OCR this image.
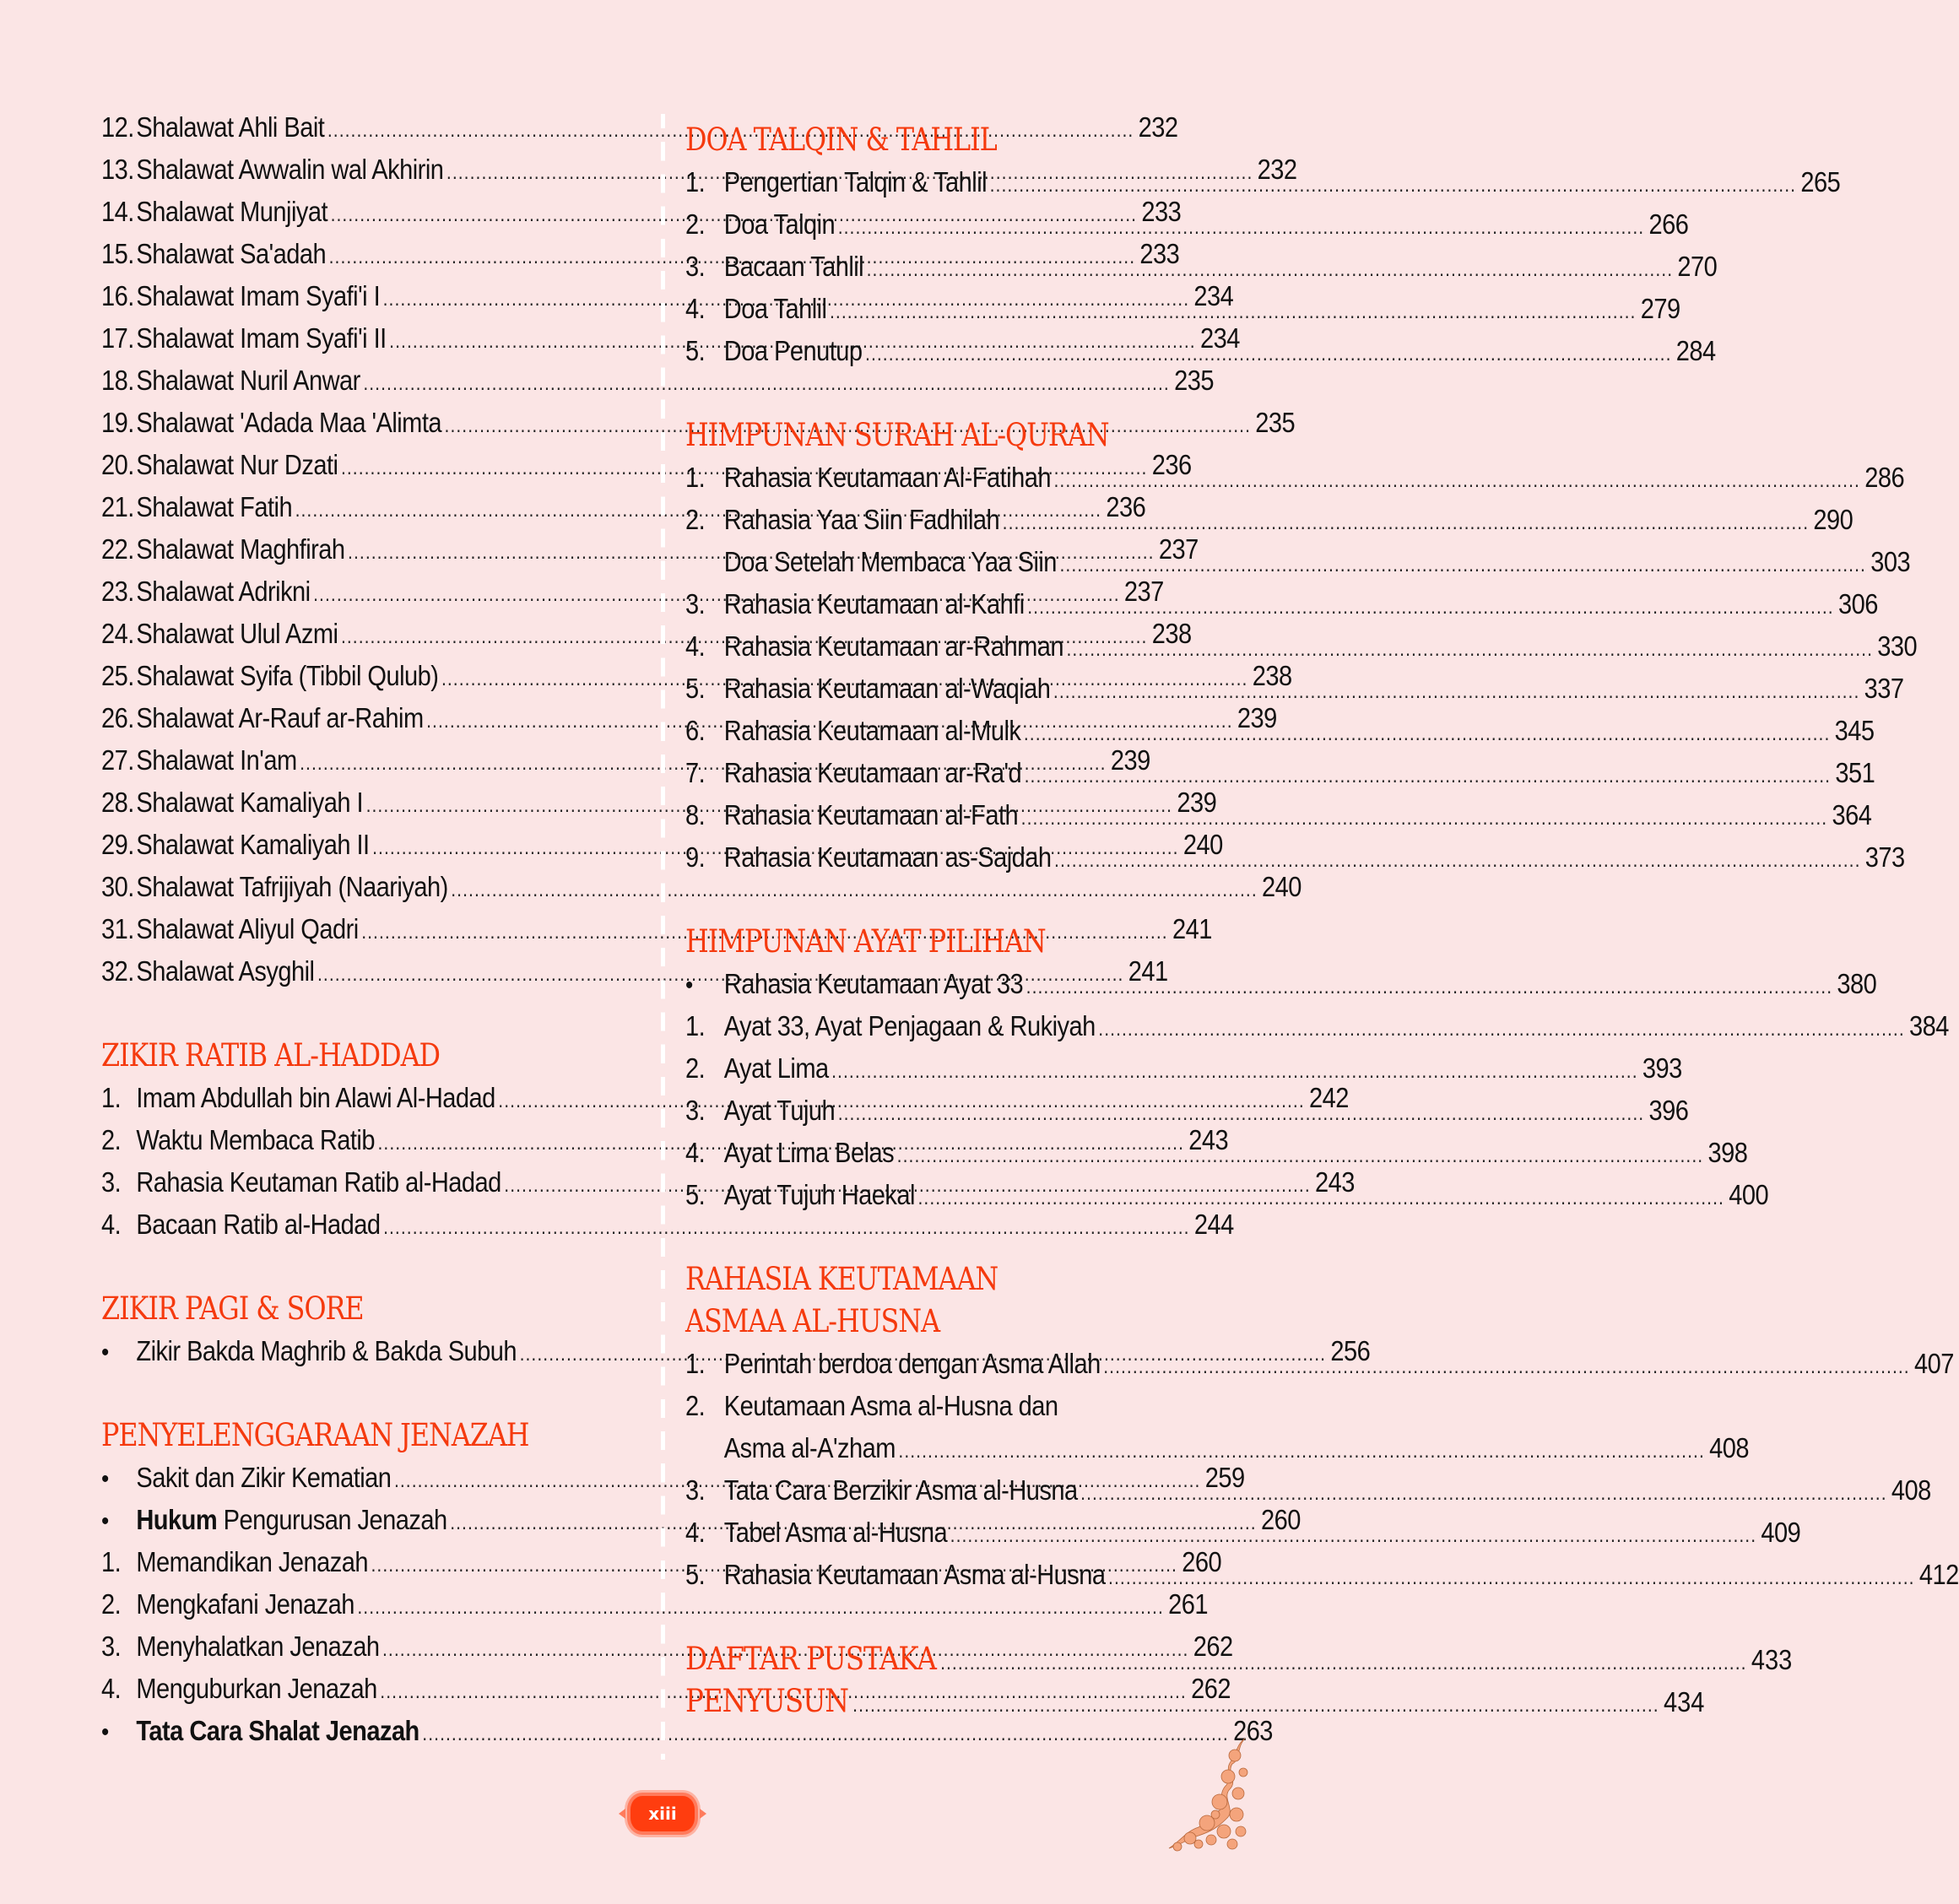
12. Shalawat Ahli Bait .....	232
13. Shalawat Awwalin wal Akhirin .....	232
14. Shalawat Munjiyat .....	233
15. Shalawat Sa'adah .....	233
16. Shalawat Imam Syafi'i I .....	234
17. Shalawat Imam Syafi'i II .....	234
18. Shalawat Nuril Anwar .....	235
19. Shalawat 'Adada Maa 'Alimta .....	235
20. Shalawat Nur Dzati .....	236
21. Shalawat Fatih .....	236
22. Shalawat Maghfirah .....	237
23. Shalawat Adrikni .....	237
24. Shalawat Ulul Azmi .....	238
25. Shalawat Syifa (Tibbil Qulub) .....	238
26. Shalawat Ar-Rauf ar-Rahim .....	239
27. Shalawat In'am .....	239
28. Shalawat Kamaliyah I .....	239
29. Shalawat Kamaliyah II .....	240
30. Shalawat Tafrijiyah (Naariyah) .....	240
31. Shalawat Aliyul Qadri .....	241
32. Shalawat Asyghil .....	241
ZIKIR RATIB AL-HADDAD
1. Imam Abdullah bin Alawi Al-Hadad .....	242
2. Waktu Membaca Ratib .....	243
3. Rahasia Keutaman Ratib al-Hadad .....	243
4. Bacaan Ratib al-Hadad .....	244
ZIKIR PAGI & SORE
• Zikir Bakda Maghrib & Bakda Subuh .....	256
PENYELENGGARAAN JENAZAH
• Sakit dan Zikir Kematian .....	259
• Hukum Pengurusan Jenazah .....	260
1. Memandikan Jenazah .....	260
2. Mengkafani Jenazah .....	261
3. Menyhalatkan Jenazah .....	262
4. Menguburkan Jenazah .....	262
• Tata Cara Shalat Jenazah .....	263
DOA TALQIN & TAHLIL
1. Pengertian Talqin & Tahlil .....	265
2. Doa Talqin .....	266
3. Bacaan Tahlil .....	270
4. Doa Tahlil .....	279
5. Doa Penutup .....	284
HIMPUNAN SURAH AL-QURAN
1. Rahasia Keutamaan Al-Fatihah .....	286
2. Rahasia Yaa Siin Fadhilah .....	290
Doa Setelah Membaca Yaa Siin .....	303
3. Rahasia Keutamaan al-Kahfi .....	306
4. Rahasia Keutamaan ar-Rahman .....	330
5. Rahasia Keutamaan al-Waqiah .....	337
6. Rahasia Keutamaan al-Mulk .....	345
7. Rahasia Keutamaan ar-Ra'd .....	351
8. Rahasia Keutamaan al-Fath .....	364
9. Rahasia Keutamaan as-Sajdah .....	373
HIMPUNAN AYAT PILIHAN
•	Rahasia Keutamaan Ayat 33 .....	380
1. Ayat 33, Ayat Penjagaan & Rukiyah .....	384
2. Ayat Lima .....	393
3. Ayat Tujuh .....	396
4. Ayat Lima Belas .....	398
5. Ayat Tujuh Haekal .....	400
RAHASIA KEUTAMAAN
ASMAA AL-HUSNA
1. Perintah berdoa dengan Asma Allah .....	407
2. Keutamaan Asma al-Husna dan
Asma al-A'zham .....	408
3. Tata Cara Berzikir Asma al-Husna .....	408
4. Tabel Asma al-Husna .....	409
5. Rahasia Keutamaan Asma al-Husna .....	412
DAFTAR PUSTAKA .....	433
PENYUSUN .....	434
xiii
